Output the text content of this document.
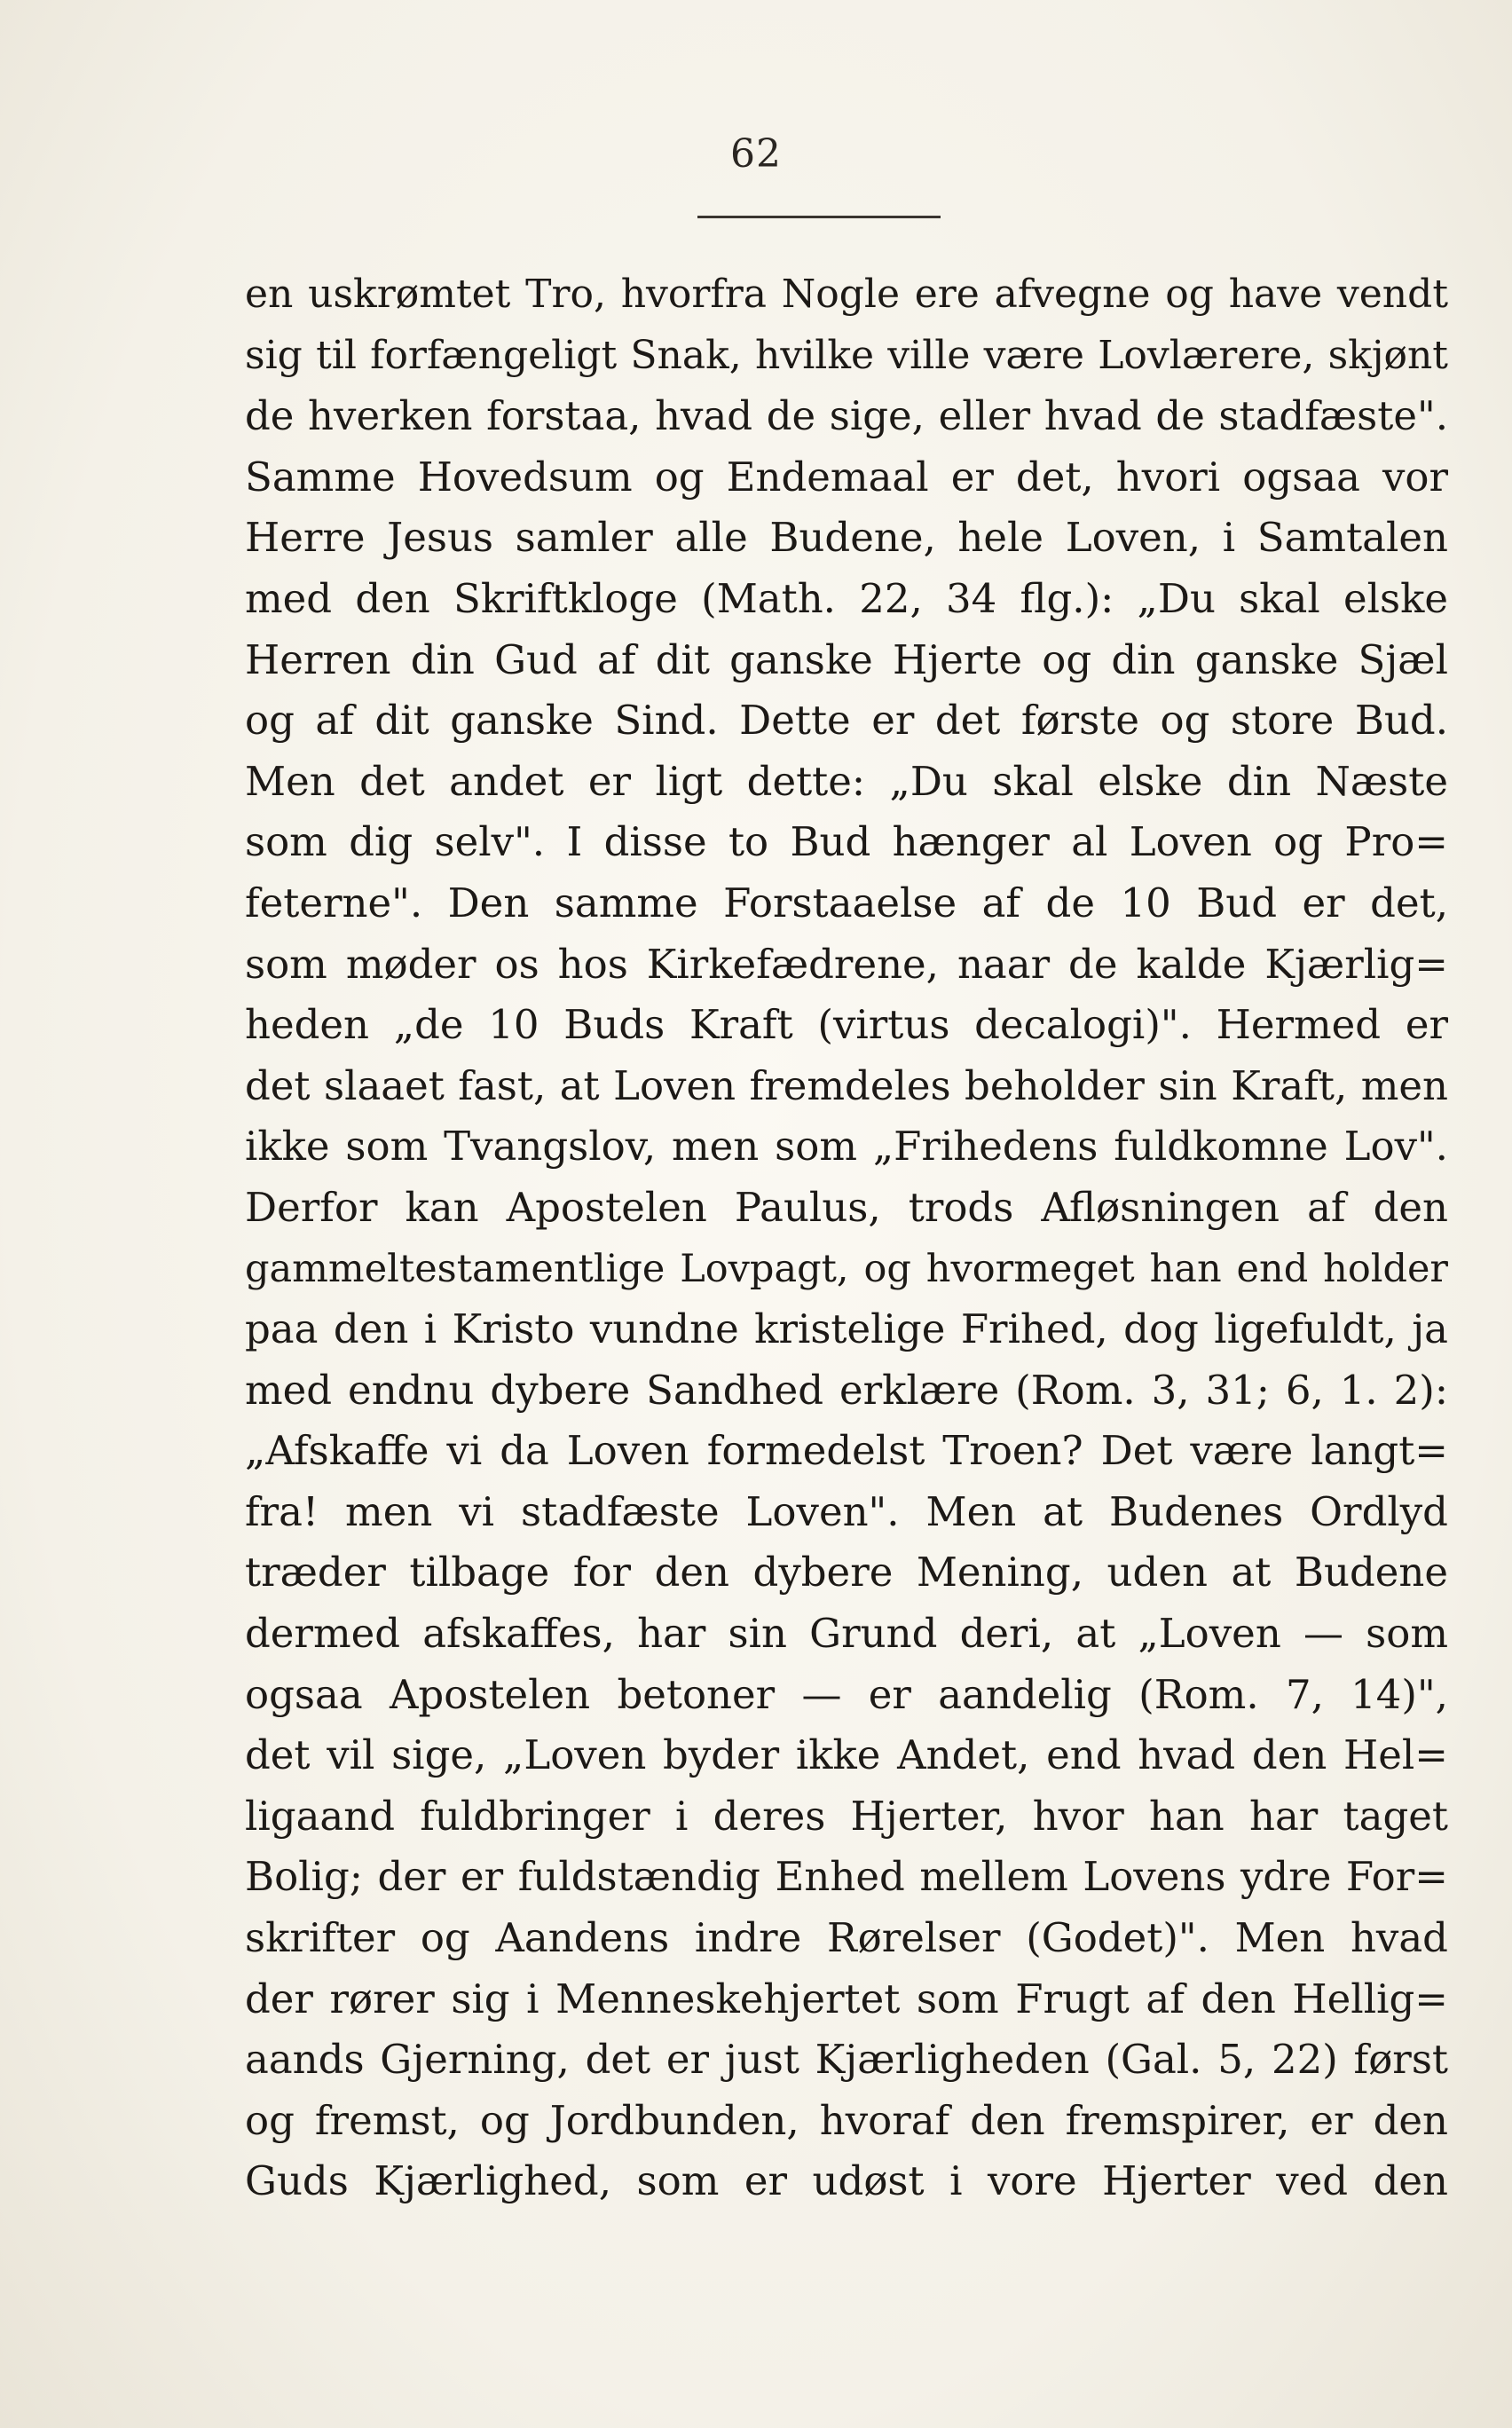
62
en uskrømtet Tro, hvorfra Nogle ere afvegne og have vendt
sig til forfængeligt Snak, hvilke ville være Lovlærere, skjønt
de hverken forstaa, hvad de sige, eller hvad de stadfæste".
Samme Hovedsum og Endemaal er det, hvori ogsaa vor
Herre Jesus samler alle Budene, hele Loven, i Samtalen
med den Skriftkloge (Math. 22, 34 flg.): „Du skal elske
Herren din Gud af dit ganske Hjerte og din ganske Sjæl
og af dit ganske Sind. Dette er det første og store Bud.
Men det andet er ligt dette: „Du skal elske din Næste
som dig selv". I disse to Bud hænger al Loven og Pro=
feterne". Den samme Forstaaelse af de 10 Bud er det,
som møder os hos Kirkefædrene, naar de kalde Kjærlig=
heden „de 10 Buds Kraft (virtus decalogi)". Hermed er
det slaaet fast, at Loven fremdeles beholder sin Kraft, men
ikke som Tvangslov, men som „Frihedens fuldkomne Lov".
Derfor kan Apostelen Paulus, trods Afløsningen af den
gammeltestamentlige Lovpagt, og hvormeget han end holder
paa den i Kristo vundne kristelige Frihed, dog ligefuldt, ja
med endnu dybere Sandhed erklære (Rom. 3, 31; 6, 1. 2):
„Afskaffe vi da Loven formedelst Troen? Det være langt=
fra! men vi stadfæste Loven". Men at Budenes Ordlyd
træder tilbage for den dybere Mening, uden at Budene
dermed afskaffes, har sin Grund deri, at „Loven — som
ogsaa Apostelen betoner — er aandelig (Rom. 7, 14)",
det vil sige, „Loven byder ikke Andet, end hvad den Hel=
ligaand fuldbringer i deres Hjerter, hvor han har taget
Bolig; der er fuldstændig Enhed mellem Lovens ydre For=
skrifter og Aandens indre Rørelser (Godet)". Men hvad
der rører sig i Menneskehjertet som Frugt af den Hellig=
aands Gjerning, det er just Kjærligheden (Gal. 5, 22) først
og fremst, og Jordbunden, hvoraf den fremspirer, er den
Guds Kjærlighed, som er udøst i vore Hjerter ved den
